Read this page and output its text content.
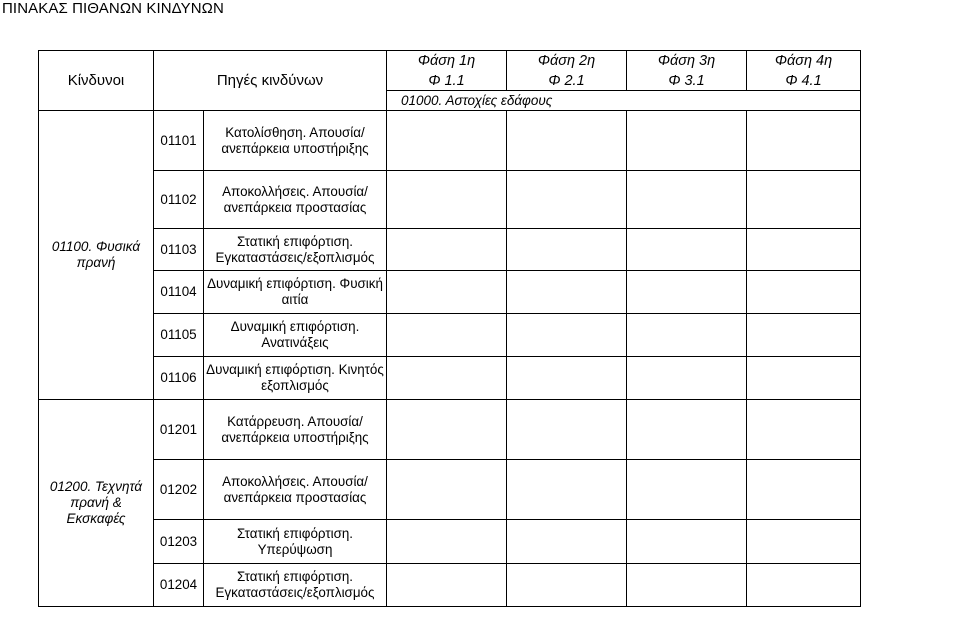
ΠΙΝΑΚΑΣ ΠΙΘΑΝΩΝ ΚΙΝΔΥΝΩΝ
Κίνδυνοι	Πηγές κινδύνων		Φάση 1η	Φάση 2η	Φάση 3η	Φάση 4η
			Φ 1.1	Φ 2.1	Φ 3.1	Φ 4.1
			01000. Αστοχίες εδάφους			
01100. Φυσικά πρανή	01101	Κατολίσθηση. Απουσία/ανεπάρκεια υποστήριξης				
	01102	Αποκολλήσεις. Απουσία/ανεπάρκεια προστασίας				
	01103	Στατική επιφόρτιση. Εγκαταστάσεις/εξοπλισμός				
	01104	Δυναμική επιφόρτιση. Φυσική αιτία				
	01105	Δυναμική επιφόρτιση. Ανατινάξεις				
	01106	Δυναμική επιφόρτιση. Κινητός εξοπλισμός				
01200. Τεχνητά πρανή & Εκσκαφές	01201	Κατάρρευση. Απουσία/ανεπάρκεια υποστήριξης				
	01202	Αποκολλήσεις. Απουσία/ανεπάρκεια προστασίας				
	01203	Στατική επιφόρτιση. Υπερύψωση				
	01204	Στατική επιφόρτιση. Εγκαταστάσεις/εξοπλισμός				
